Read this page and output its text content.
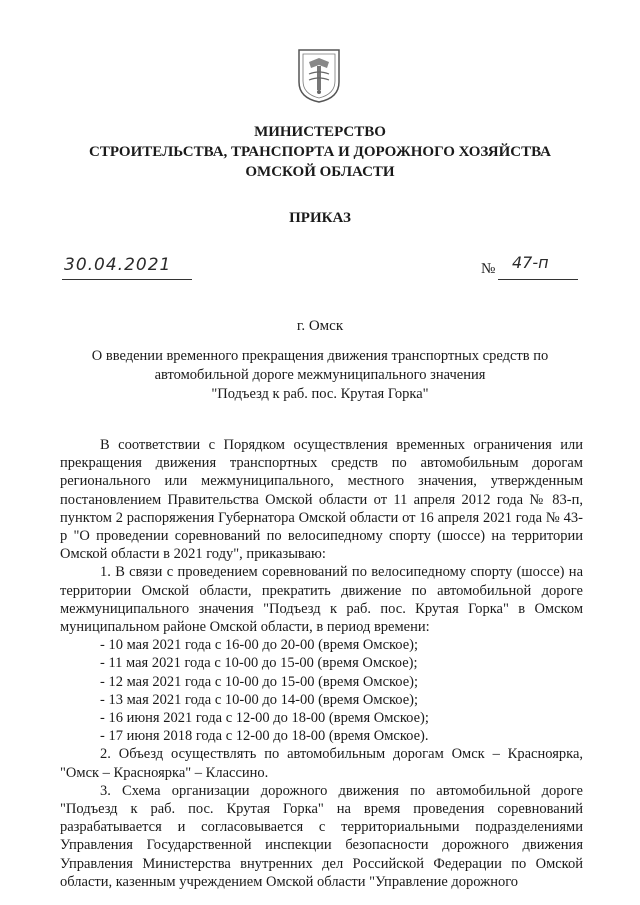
МИНИСТЕРСТВО
СТРОИТЕЛЬСТВА, ТРАНСПОРТА И ДОРОЖНОГО ХОЗЯЙСТВА
ОМСКОЙ ОБЛАСТИ
ПРИКАЗ
30.04.2021	№ 47-п
г. Омск
О введении временного прекращения движения транспортных средств по
автомобильной дороге межмуниципального значения
"Подъезд к раб. пос. Крутая Горка"

В соответствии с Порядком осуществления временных ограничения или прекращения движения транспортных средств по автомобильным дорогам регионального или межмуниципального, местного значения, утвержденным постановлением Правительства Омской области от 11 апреля 2012 года № 83-п, пунктом 2 распоряжения Губернатора Омской области от 16 апреля 2021 года № 43-р "О проведении соревнований по велосипедному спорту (шоссе) на территории Омской области в 2021 году", приказываю:

1. В связи с проведением соревнований по велосипедному спорту (шоссе) на территории Омской области, прекратить движение по автомобильной дороге межмуниципального значения "Подъезд к раб. пос. Крутая Горка" в Омском муниципальном районе Омской области, в период времени:

- 10 мая 2021 года с 16-00 до 20-00 (время Омское);

- 11 мая 2021 года с 10-00 до 15-00 (время Омское);

- 12 мая 2021 года с 10-00 до 15-00 (время Омское);

- 13 мая 2021 года с 10-00 до 14-00 (время Омское);

- 16 июня 2021 года с 12-00 до 18-00 (время Омское);

- 17 июня 2018 года с 12-00 до 18-00 (время Омское).

2. Объезд осуществлять по автомобильным дорогам Омск – Красноярка, "Омск – Красноярка" – Классино.

3. Схема организации дорожного движения по автомобильной дороге "Подъезд к раб. пос. Крутая Горка" на время проведения соревнований разрабатывается и согласовывается с территориальными подразделениями Управления Государственной инспекции безопасности дорожного движения Управления Министерства внутренних дел Российской Федерации по Омской области, казенным учреждением Омской области "Управление дорожного
